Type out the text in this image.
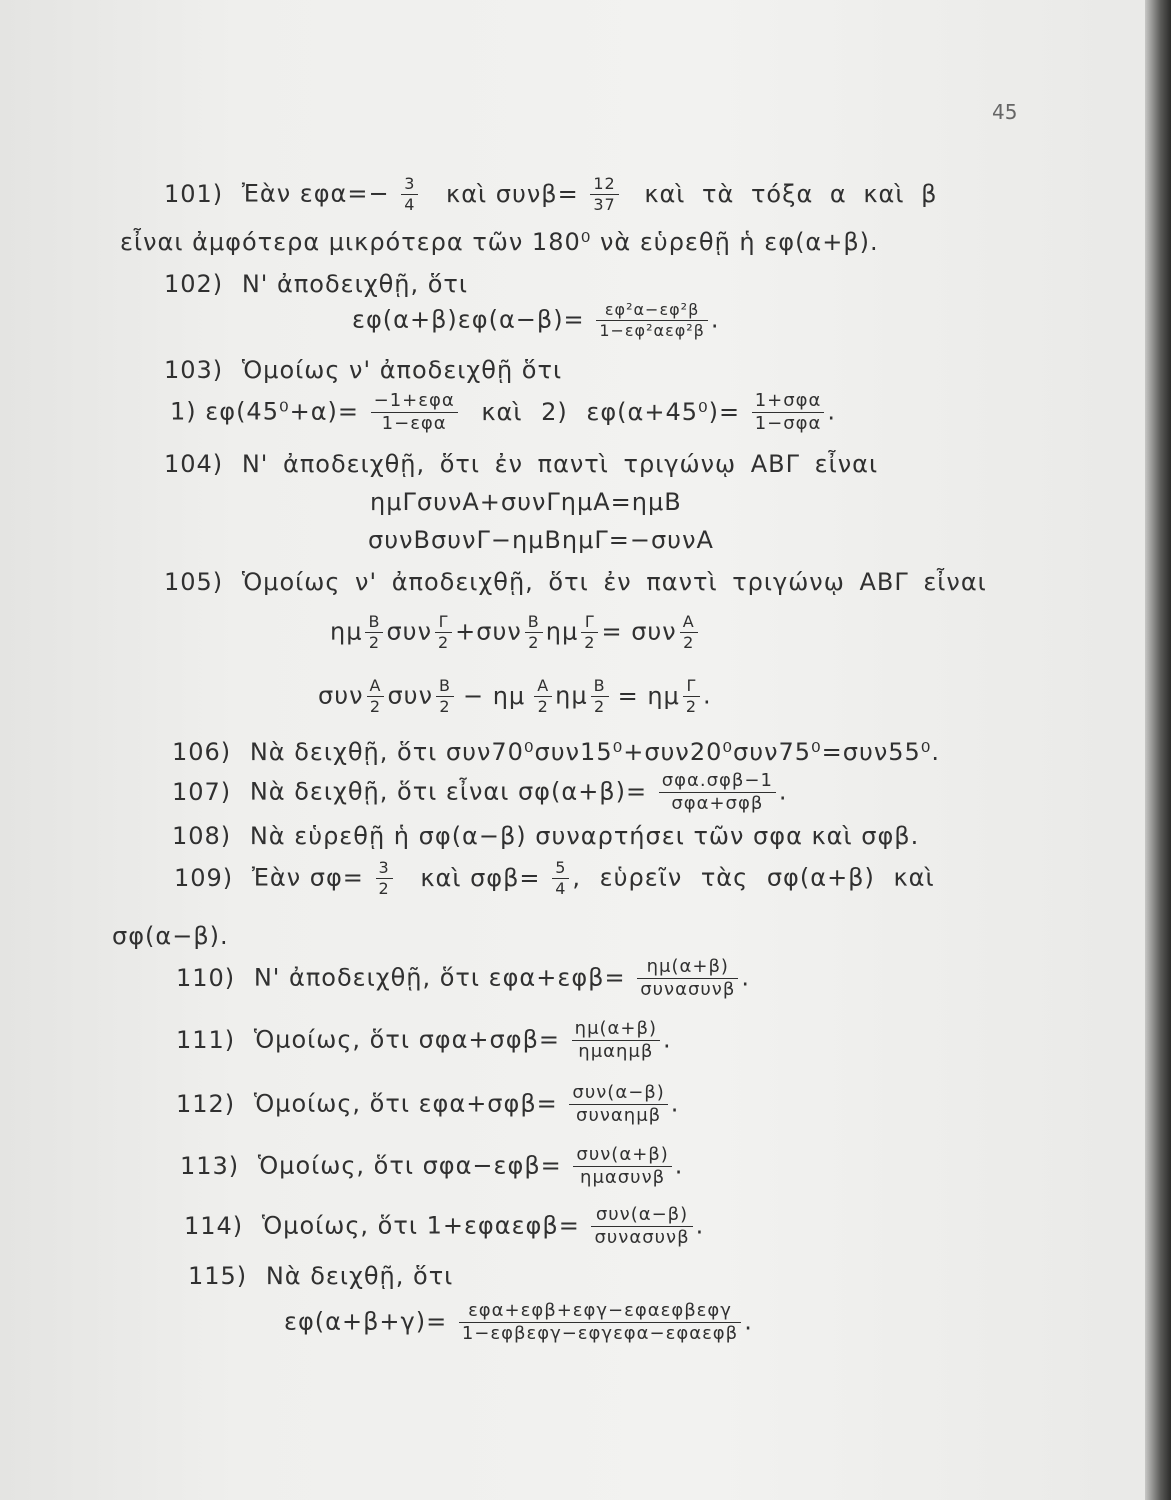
45
101) Ἐὰν $\varepsilon\varphi\alpha=- \frac{3}{4}$ καὶ $\sigma\upsilon\nu\beta= \frac{12}{37}$ καὶ τὰ τόξα α καὶ β
εἶναι ἀμφότερα μικρότερα τῶν 180⁰ νὰ εὑρεθῇ ἡ εφ(α+β).
102) Ν' ἀποδειχθῇ, ὅτι
$\varepsilon\varphi(\alpha+\beta)\varepsilon\varphi(\alpha-\beta)= \frac{\text{εφ²α−εφ²β}}{\text{1−εφ²αεφ²β}}$ .
103) Ὁμοίως ν' ἀποδειχθῇ ὅτι
1) $\varepsilon\varphi(45^0+\alpha)= \frac{\text{−1+εφα}}{\text{1−εφα}}$ καὶ 2) $\varepsilon\varphi(\alpha+45^0)= \frac{\text{1+σφα}}{\text{1−σφα}}$ .
104) Ν' ἀποδειχθῇ, ὅτι ἐν παντὶ τριγώνῳ ΑΒΓ εἶναι
ημΓσυνΑ+συνΓημΑ=ημΒ
συνΒσυνΓ−ημΒημΓ=−συνΑ
105) Ὁμοίως ν' ἀποδειχθῇ, ὅτι ἐν παντὶ τριγώνῳ ΑΒΓ εἶναι
ημ $\frac{B}{2}$ συν $\frac{\Gamma}{2} +\sigma\upsilon\nu \frac{B}{2}$ ημ $\frac{\Gamma}{2} = \sigma\upsilon\nu \frac{A}{2}$
συν $\frac{A}{2}$ συν $\frac{B}{2} - \eta\mu \frac{A}{2}$ ημ $\frac{B}{2} = \eta\mu \frac{\Gamma}{2}$ .
106) Νὰ δειχθῇ, ὅτι συν70⁰συν15⁰+συν20⁰συν75⁰=συν55⁰.
107) Νὰ δειχθῇ, ὅτι εἶναι $\sigma\varphi(\alpha+\beta)= \frac{\text{σφα.σφβ−1}}{\text{σφα+σφβ}}$ .
108) Νὰ εὑρεθῇ ἡ σφ(α−β) συναρτήσει τῶν σφα καὶ σφβ.
109) Ἐὰν $\sigma\varphi= \frac{3}{2}$ καὶ $\sigma\varphi\beta= \frac{5}{4}$ , εὑρεῖν τὰς σφ(α+β) καὶ
σφ(α−β).
110) Ν' ἀποδειχθῇ, ὅτι $\varepsilon\varphi\alpha+\varepsilon\varphi\beta= \frac{\eta\mu(\alpha+\beta)}{\text{συνασυνβ}}$ .
111) Ὁμοίως, ὅτι $\sigma\varphi\alpha+\sigma\varphi\beta= \frac{\eta\mu(\alpha+\beta)}{\text{ημαημβ}}$ .
112) Ὁμοίως, ὅτι $\varepsilon\varphi\alpha+\sigma\varphi\beta= \frac{\text{συν(α−β)}}{\text{συναημβ}}$ .
113) Ὁμοίως, ὅτι $\sigma\varphi\alpha-\varepsilon\varphi\beta= \frac{\text{συν(α+β)}}{\text{ημασυνβ}}$ .
114) Ὁμοίως, ὅτι $1+\varepsilon\varphi\alpha\varepsilon\varphi\beta= \frac{\text{συν(α−β)}}{\text{συνασυνβ}}$ .
115) Νὰ δειχθῇ, ὅτι
$\varepsilon\varphi(\alpha+\beta+\gamma)= \frac{\text{εφα+εφβ+εφγ−εφαεφβεφγ}}{\text{1−εφβεφγ−εφγεφα−εφαεφβ}}$ .
